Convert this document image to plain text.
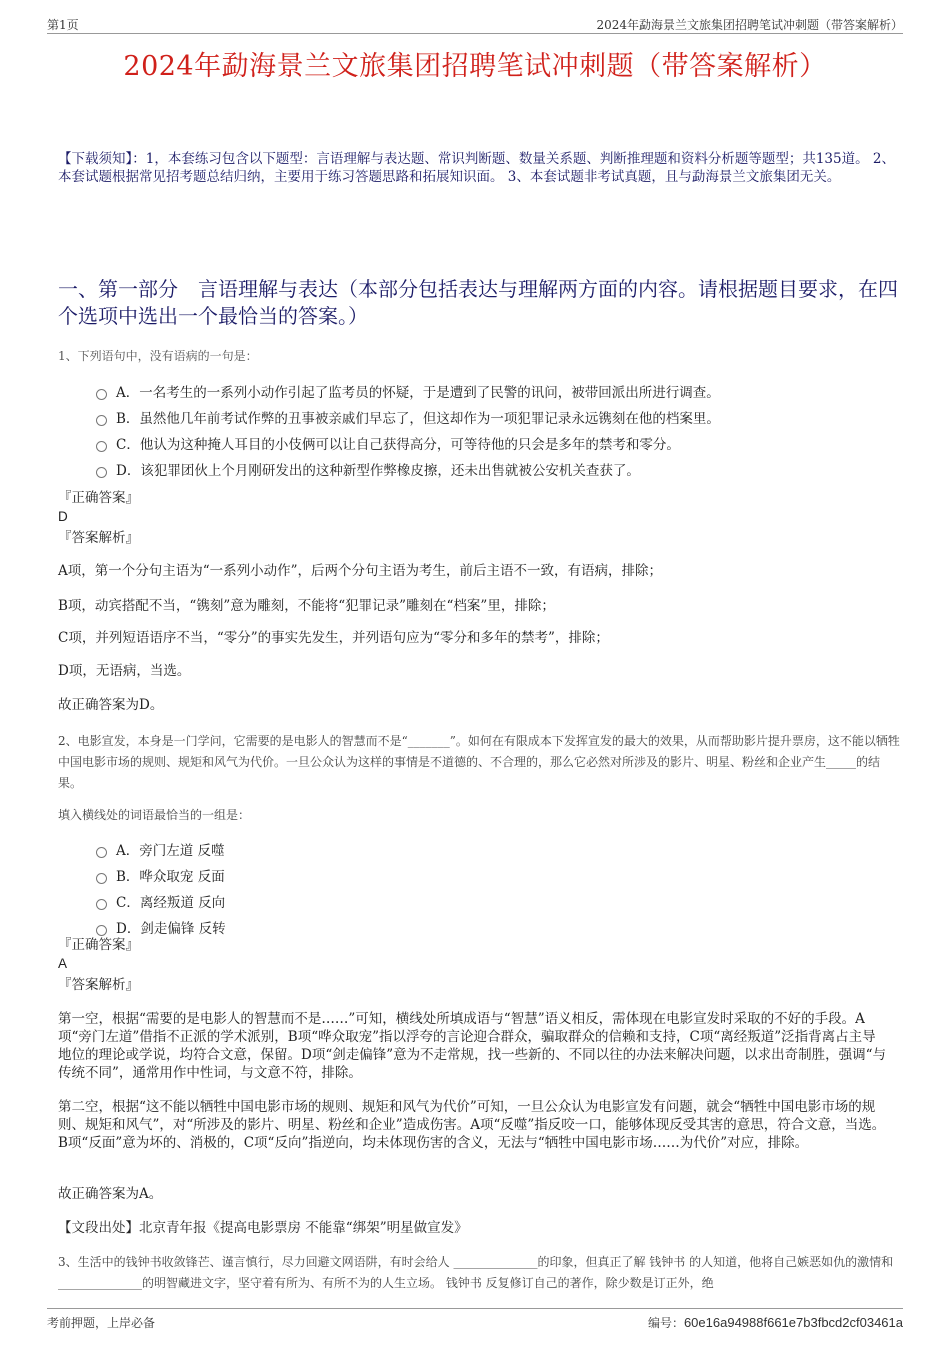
第1页	2024年勐海景兰文旅集团招聘笔试冲刺题（带答案解析）
2024年勐海景兰文旅集团招聘笔试冲刺题（带答案解析）
【下载须知】：1，本套练习包含以下题型：言语理解与表达题、常识判断题、数量关系题、判断推理题和资料分析题等题型；共135道。 2、本套试题根据常见招考题总结归纳，主要用于练习答题思路和拓展知识面。 3、本套试题非考试真题，且与勐海景兰文旅集团无关。
一、第一部分　言语理解与表达（本部分包括表达与理解两方面的内容。请根据题目要求，在四个选项中选出一个最恰当的答案。）
1、下列语句中，没有语病的一句是：
A．一名考生的一系列小动作引起了监考员的怀疑，于是遭到了民警的讯问，被带回派出所进行调查。
B．虽然他几年前考试作弊的丑事被亲戚们早忘了，但这却作为一项犯罪记录永远镌刻在他的档案里。
C．他认为这种掩人耳目的小伎俩可以让自己获得高分，可等待他的只会是多年的禁考和零分。
D．该犯罪团伙上个月刚研发出的这种新型作弊橡皮擦，还未出售就被公安机关查获了。
『正确答案』
D
『答案解析』
A项，第一个分句主语为“一系列小动作”，后两个分句主语为考生，前后主语不一致，有语病，排除；
B项，动宾搭配不当，“镌刻”意为雕刻，不能将“犯罪记录”雕刻在“档案”里，排除；
C项，并列短语语序不当，“零分”的事实先发生，并列语句应为“零分和多年的禁考”，排除；
D项，无语病，当选。
故正确答案为D。
2、电影宣发，本身是一门学问，它需要的是电影人的智慧而不是“_______”。如何在有限成本下发挥宣发的最大的效果，从而帮助影片提升票房，这不能以牺牲中国电影市场的规则、规矩和风气为代价。一旦公众认为这样的事情是不道德的、不合理的，那么它必然对所涉及的影片、明星、粉丝和企业产生_____的结果。
填入横线处的词语最恰当的一组是：
A．旁门左道 反噬
B．哗众取宠 反面
C．离经叛道 反向
D．剑走偏锋 反转
『正确答案』
A
『答案解析』
第一空，根据“需要的是电影人的智慧而不是……”可知，横线处所填成语与“智慧”语义相反，需体现在电影宣发时采取的不好的手段。A项“旁门左道”借指不正派的学术派别，B项“哗众取宠”指以浮夸的言论迎合群众，骗取群众的信赖和支持，C项“离经叛道”泛指背离占主导地位的理论或学说，均符合文意，保留。D项“剑走偏锋”意为不走常规，找一些新的、不同以往的办法来解决问题，以求出奇制胜，强调“与传统不同”，通常用作中性词，与文意不符，排除。
第二空，根据“这不能以牺牲中国电影市场的规则、规矩和风气为代价”可知，一旦公众认为电影宣发有问题，就会“牺牲中国电影市场的规则、规矩和风气”，对“所涉及的影片、明星、粉丝和企业”造成伤害。A项“反噬”指反咬一口，能够体现反受其害的意思，符合文意，当选。B项“反面”意为坏的、消极的，C项“反向”指逆向，均未体现伤害的含义，无法与“牺牲中国电影市场……为代价”对应，排除。
故正确答案为A。
【文段出处】北京青年报《提高电影票房 不能靠“绑架”明星做宣发》
3、生活中的钱钟书收敛锋芒、谨言慎行，尽力回避文网语阱，有时会给人 ______________的印象，但真正了解 钱钟书 的人知道，他将自己嫉恶如仇的激情和 ______________的明智藏进文字，坚守着有所为、有所不为的人生立场。 钱钟书 反复修订自己的著作，除少数是订正外，绝
考前押题，上岸必备	编号：60e16a94988f661e7b3fbcd2cf03461a
